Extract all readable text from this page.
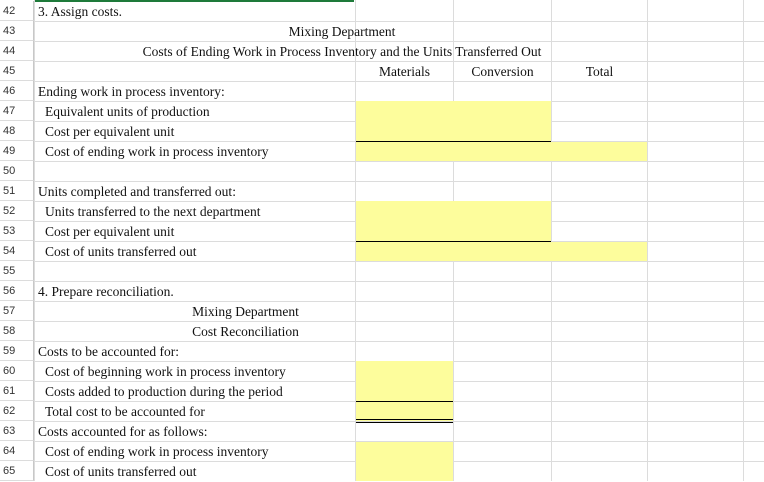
42
43
44
45
46
47
48
49
50
51
52
53
54
55
56
57
58
59
60
61
62
63
64
65
3. Assign costs.
Mixing Department
Costs of Ending Work in Process Inventory and the Units Transferred Out
Materials	Conversion	Total
Ending work in process inventory:
Equivalent units of production
Cost per equivalent unit
Cost of ending work in process inventory
Units completed and transferred out:
Units transferred to the next department
Cost per equivalent unit
Cost of units transferred out
4. Prepare reconciliation.
Mixing Department
Cost Reconciliation
Costs to be accounted for:
Cost of beginning work in process inventory
Costs added to production during the period
Total cost to be accounted for
Costs accounted for as follows:
Cost of ending work in process inventory
Cost of units transferred out
